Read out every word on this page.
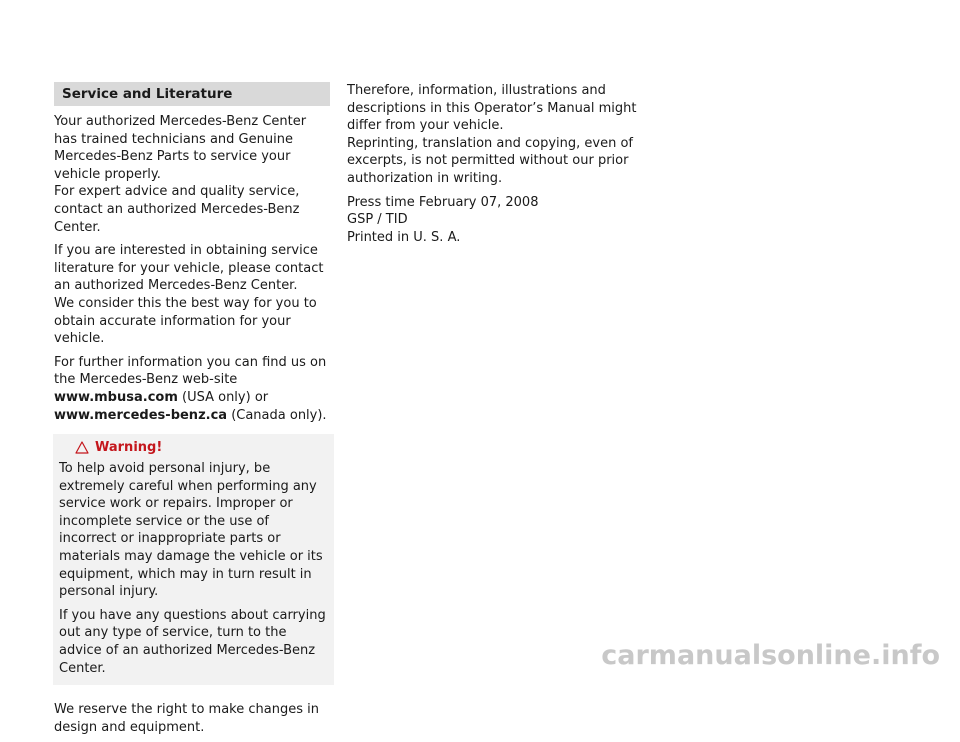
Service and Literature

Your authorized Mercedes-Benz Center has trained technicians and Genuine Mercedes-Benz Parts to service your vehicle properly.

For expert advice and quality service, contact an authorized Mercedes-Benz Center.

If you are interested in obtaining service literature for your vehicle, please contact an authorized Mercedes-Benz Center.

We consider this the best way for you to obtain accurate information for your vehicle.

For further information you can find us on the Mercedes-Benz web-site www.mbusa.com (USA only) or www.mercedes-benz.ca (Canada only).

Warning!

To help avoid personal injury, be extremely careful when performing any service work or repairs. Improper or incomplete service or the use of incorrect or inappropriate parts or materials may damage the vehicle or its equipment, which may in turn result in personal injury.

If you have any questions about carrying out any type of service, turn to the advice of an authorized Mercedes-Benz Center.

We reserve the right to make changes in design and equipment.

Therefore, information, illustrations and descriptions in this Operator’s Manual might differ from your vehicle.

Reprinting, translation and copying, even of excerpts, is not permitted without our prior authorization in writing.

Press time February 07, 2008

GSP / TID

Printed in U. S. A.

carmanualsonline.info
